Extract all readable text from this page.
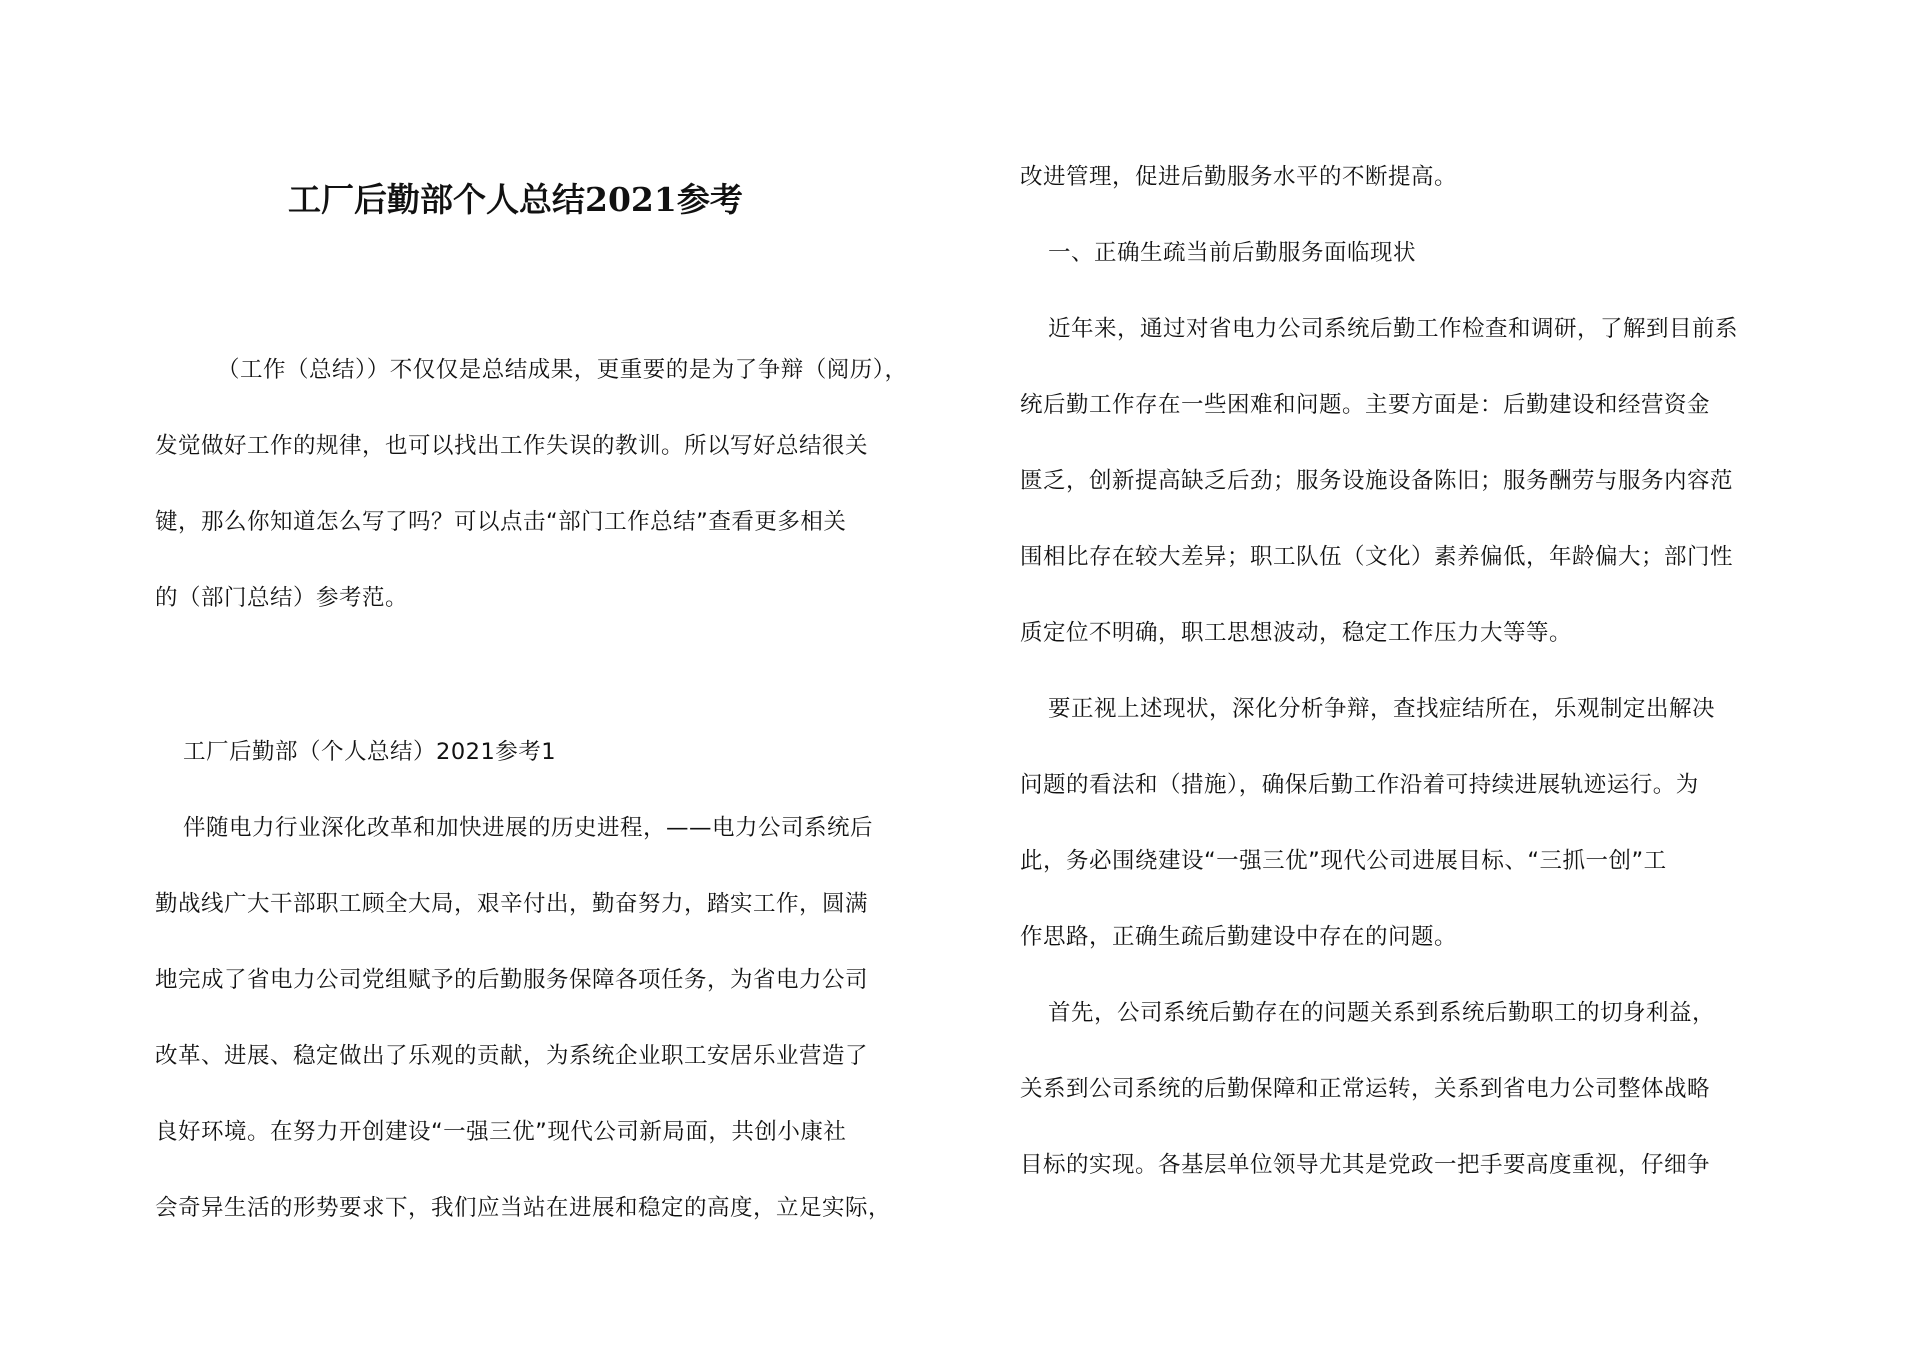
工厂后勤部个人总结2021参考

（工作（总结））不仅仅是总结成果，更重要的是为了争辩（阅历），

发觉做好工作的规律，也可以找出工作失误的教训。所以写好总结很关

键，那么你知道怎么写了吗？可以点击“部门工作总结”查看更多相关

的（部门总结）参考范。

工厂后勤部（个人总结）2021参考1

伴随电力行业深化改革和加快进展的历史进程，——电力公司系统后

勤战线广大干部职工顾全大局，艰辛付出，勤奋努力，踏实工作，圆满

地完成了省电力公司党组赋予的后勤服务保障各项任务，为省电力公司

改革、进展、稳定做出了乐观的贡献，为系统企业职工安居乐业营造了

良好环境。在努力开创建设“一强三优”现代公司新局面，共创小康社

会奇异生活的形势要求下，我们应当站在进展和稳定的高度，立足实际，

改进管理，促进后勤服务水平的不断提高。

一、正确生疏当前后勤服务面临现状

近年来，通过对省电力公司系统后勤工作检查和调研，了解到目前系

统后勤工作存在一些困难和问题。主要方面是：后勤建设和经营资金

匮乏，创新提高缺乏后劲；服务设施设备陈旧；服务酬劳与服务内容范

围相比存在较大差异；职工队伍（文化）素养偏低，年龄偏大；部门性

质定位不明确，职工思想波动，稳定工作压力大等等。

要正视上述现状，深化分析争辩，查找症结所在，乐观制定出解决

问题的看法和（措施），确保后勤工作沿着可持续进展轨迹运行。为

此，务必围绕建设“一强三优”现代公司进展目标、“三抓一创”工

作思路，正确生疏后勤建设中存在的问题。

首先，公司系统后勤存在的问题关系到系统后勤职工的切身利益，

关系到公司系统的后勤保障和正常运转，关系到省电力公司整体战略

目标的实现。各基层单位领导尤其是党政一把手要高度重视，仔细争
